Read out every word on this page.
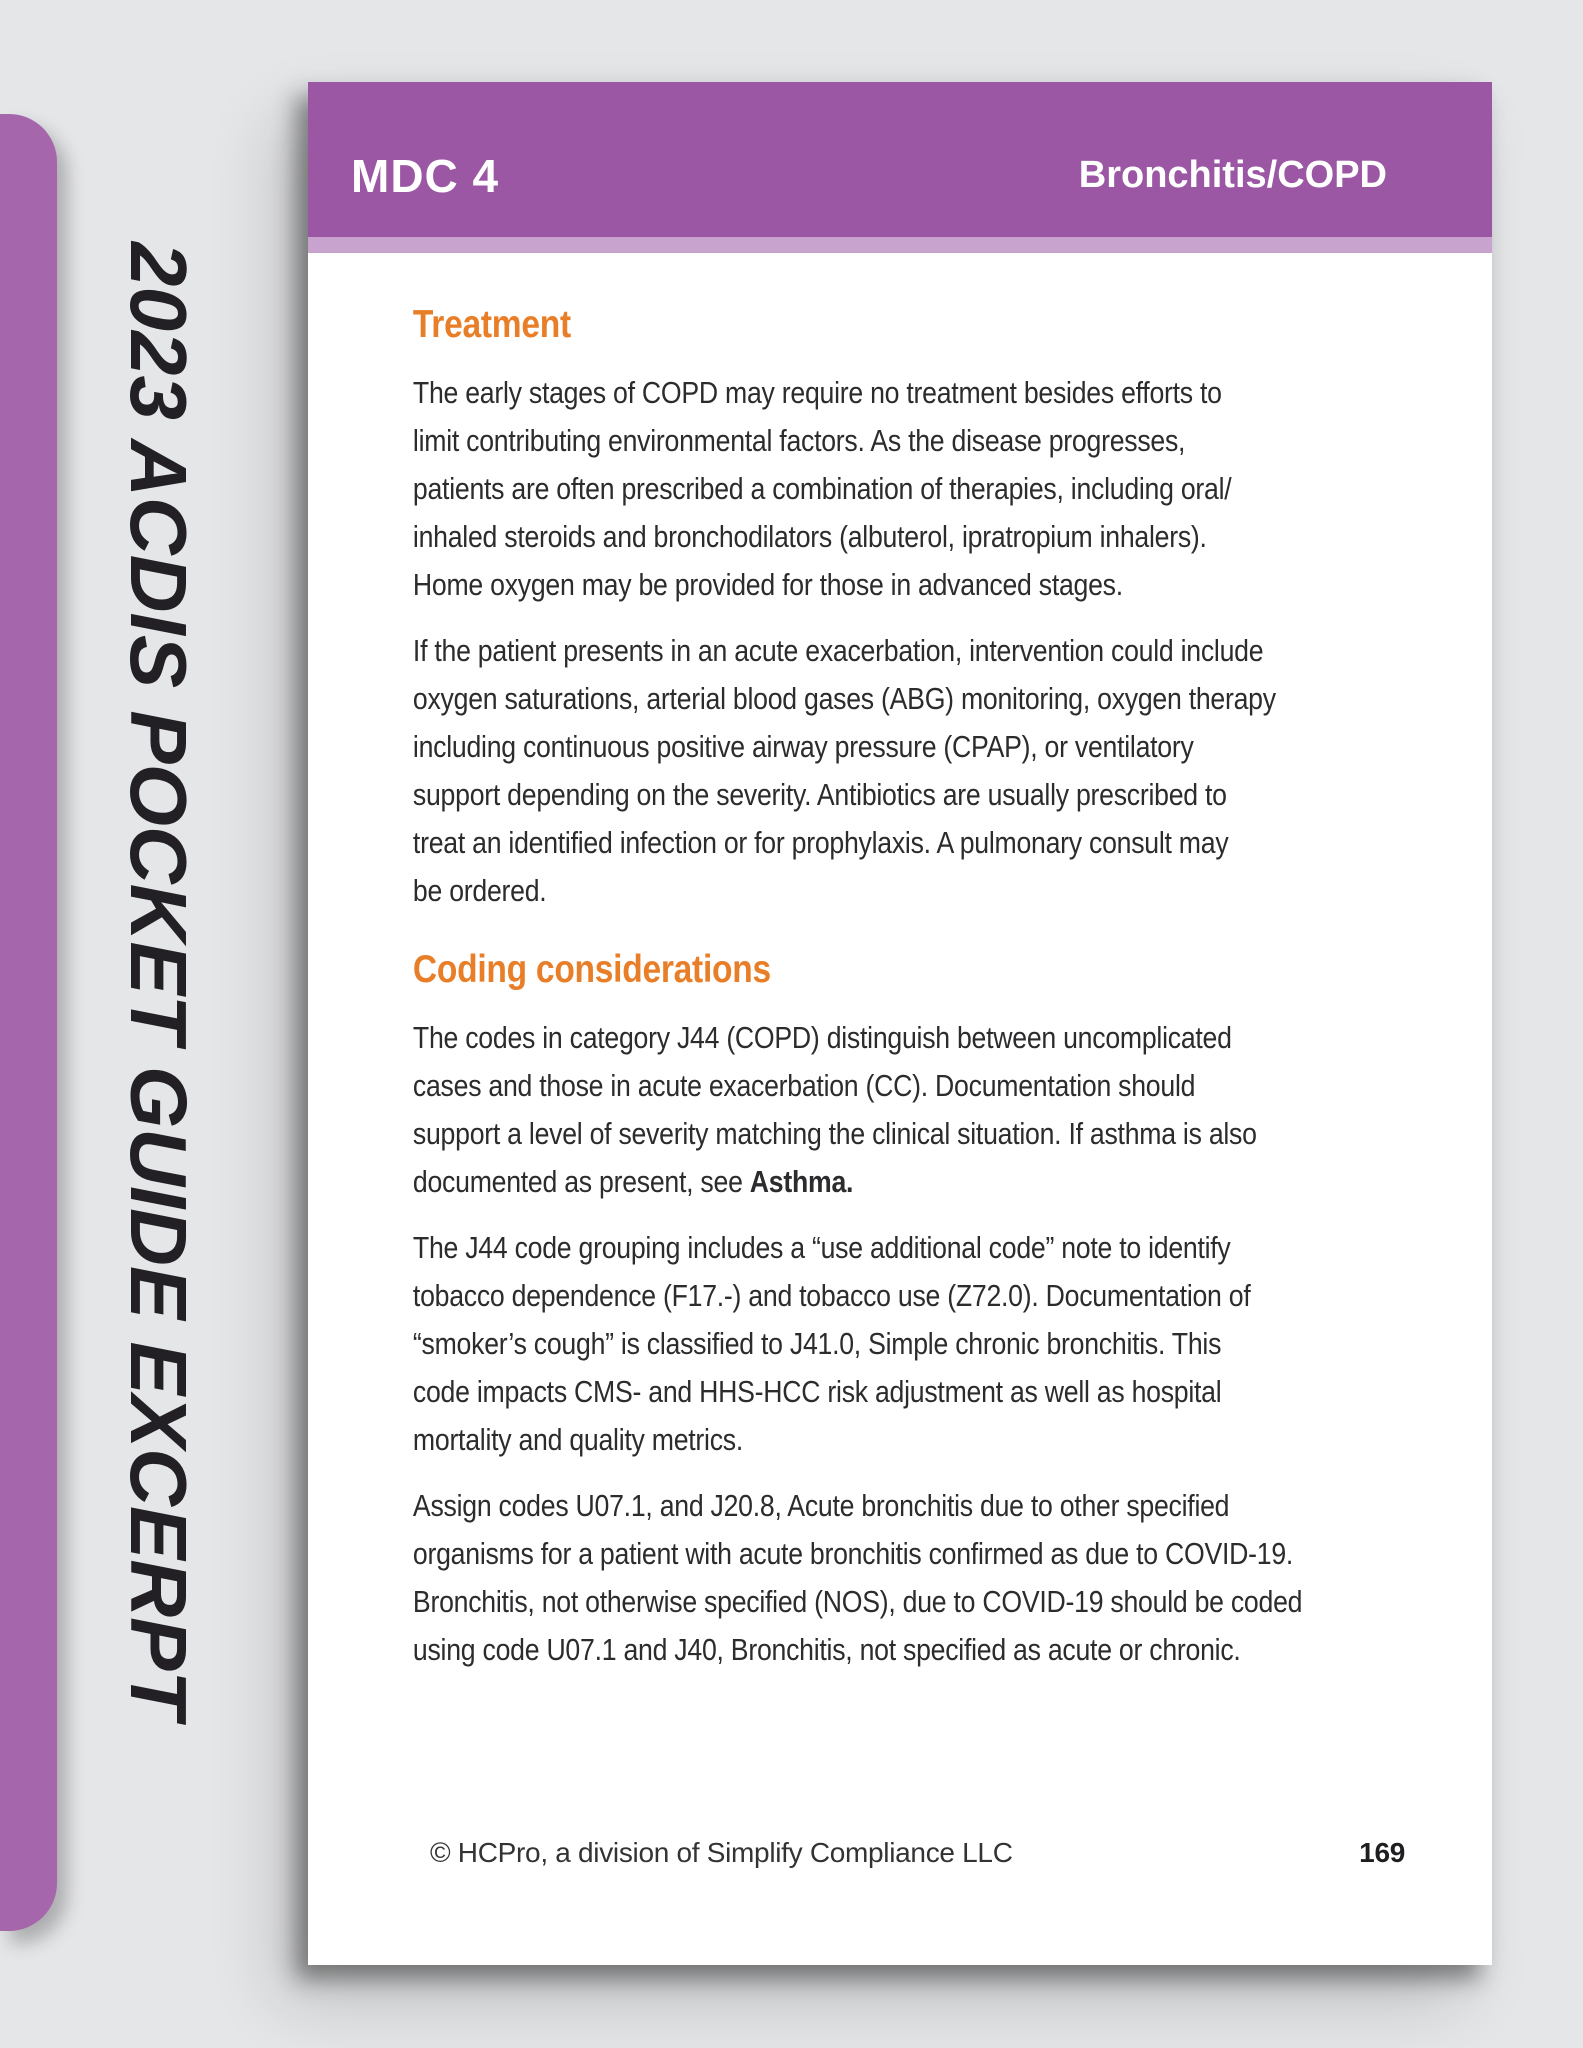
2023 ACDIS POCKET GUIDE EXCERPT
MDC 4	Bronchitis/COPD
Treatment

The early stages of COPD may require no treatment besides efforts to
limit contributing environmental factors. As the disease progresses,
patients are often prescribed a combination of therapies, including oral/
inhaled steroids and bronchodilators (albuterol, ipratropium inhalers).
Home oxygen may be provided for those in advanced stages.

If the patient presents in an acute exacerbation, intervention could include
oxygen saturations, arterial blood gases (ABG) monitoring, oxygen therapy
including continuous positive airway pressure (CPAP), or ventilatory
support depending on the severity. Antibiotics are usually prescribed to
treat an identified infection or for prophylaxis. A pulmonary consult may
be ordered.

Coding considerations

The codes in category J44 (COPD) distinguish between uncomplicated
cases and those in acute exacerbation (CC). Documentation should
support a level of severity matching the clinical situation. If asthma is also
documented as present, see Asthma.

The J44 code grouping includes a “use additional code” note to identify
tobacco dependence (F17.-) and tobacco use (Z72.0). Documentation of
“smoker’s cough” is classified to J41.0, Simple chronic bronchitis. This
code impacts CMS- and HHS-HCC risk adjustment as well as hospital
mortality and quality metrics.

Assign codes U07.1, and J20.8, Acute bronchitis due to other specified
organisms for a patient with acute bronchitis confirmed as due to COVID-19.
Bronchitis, not otherwise specified (NOS), due to COVID-19 should be coded
using code U07.1 and J40, Bronchitis, not specified as acute or chronic.

© HCPro, a division of Simplify Compliance LLC	169
